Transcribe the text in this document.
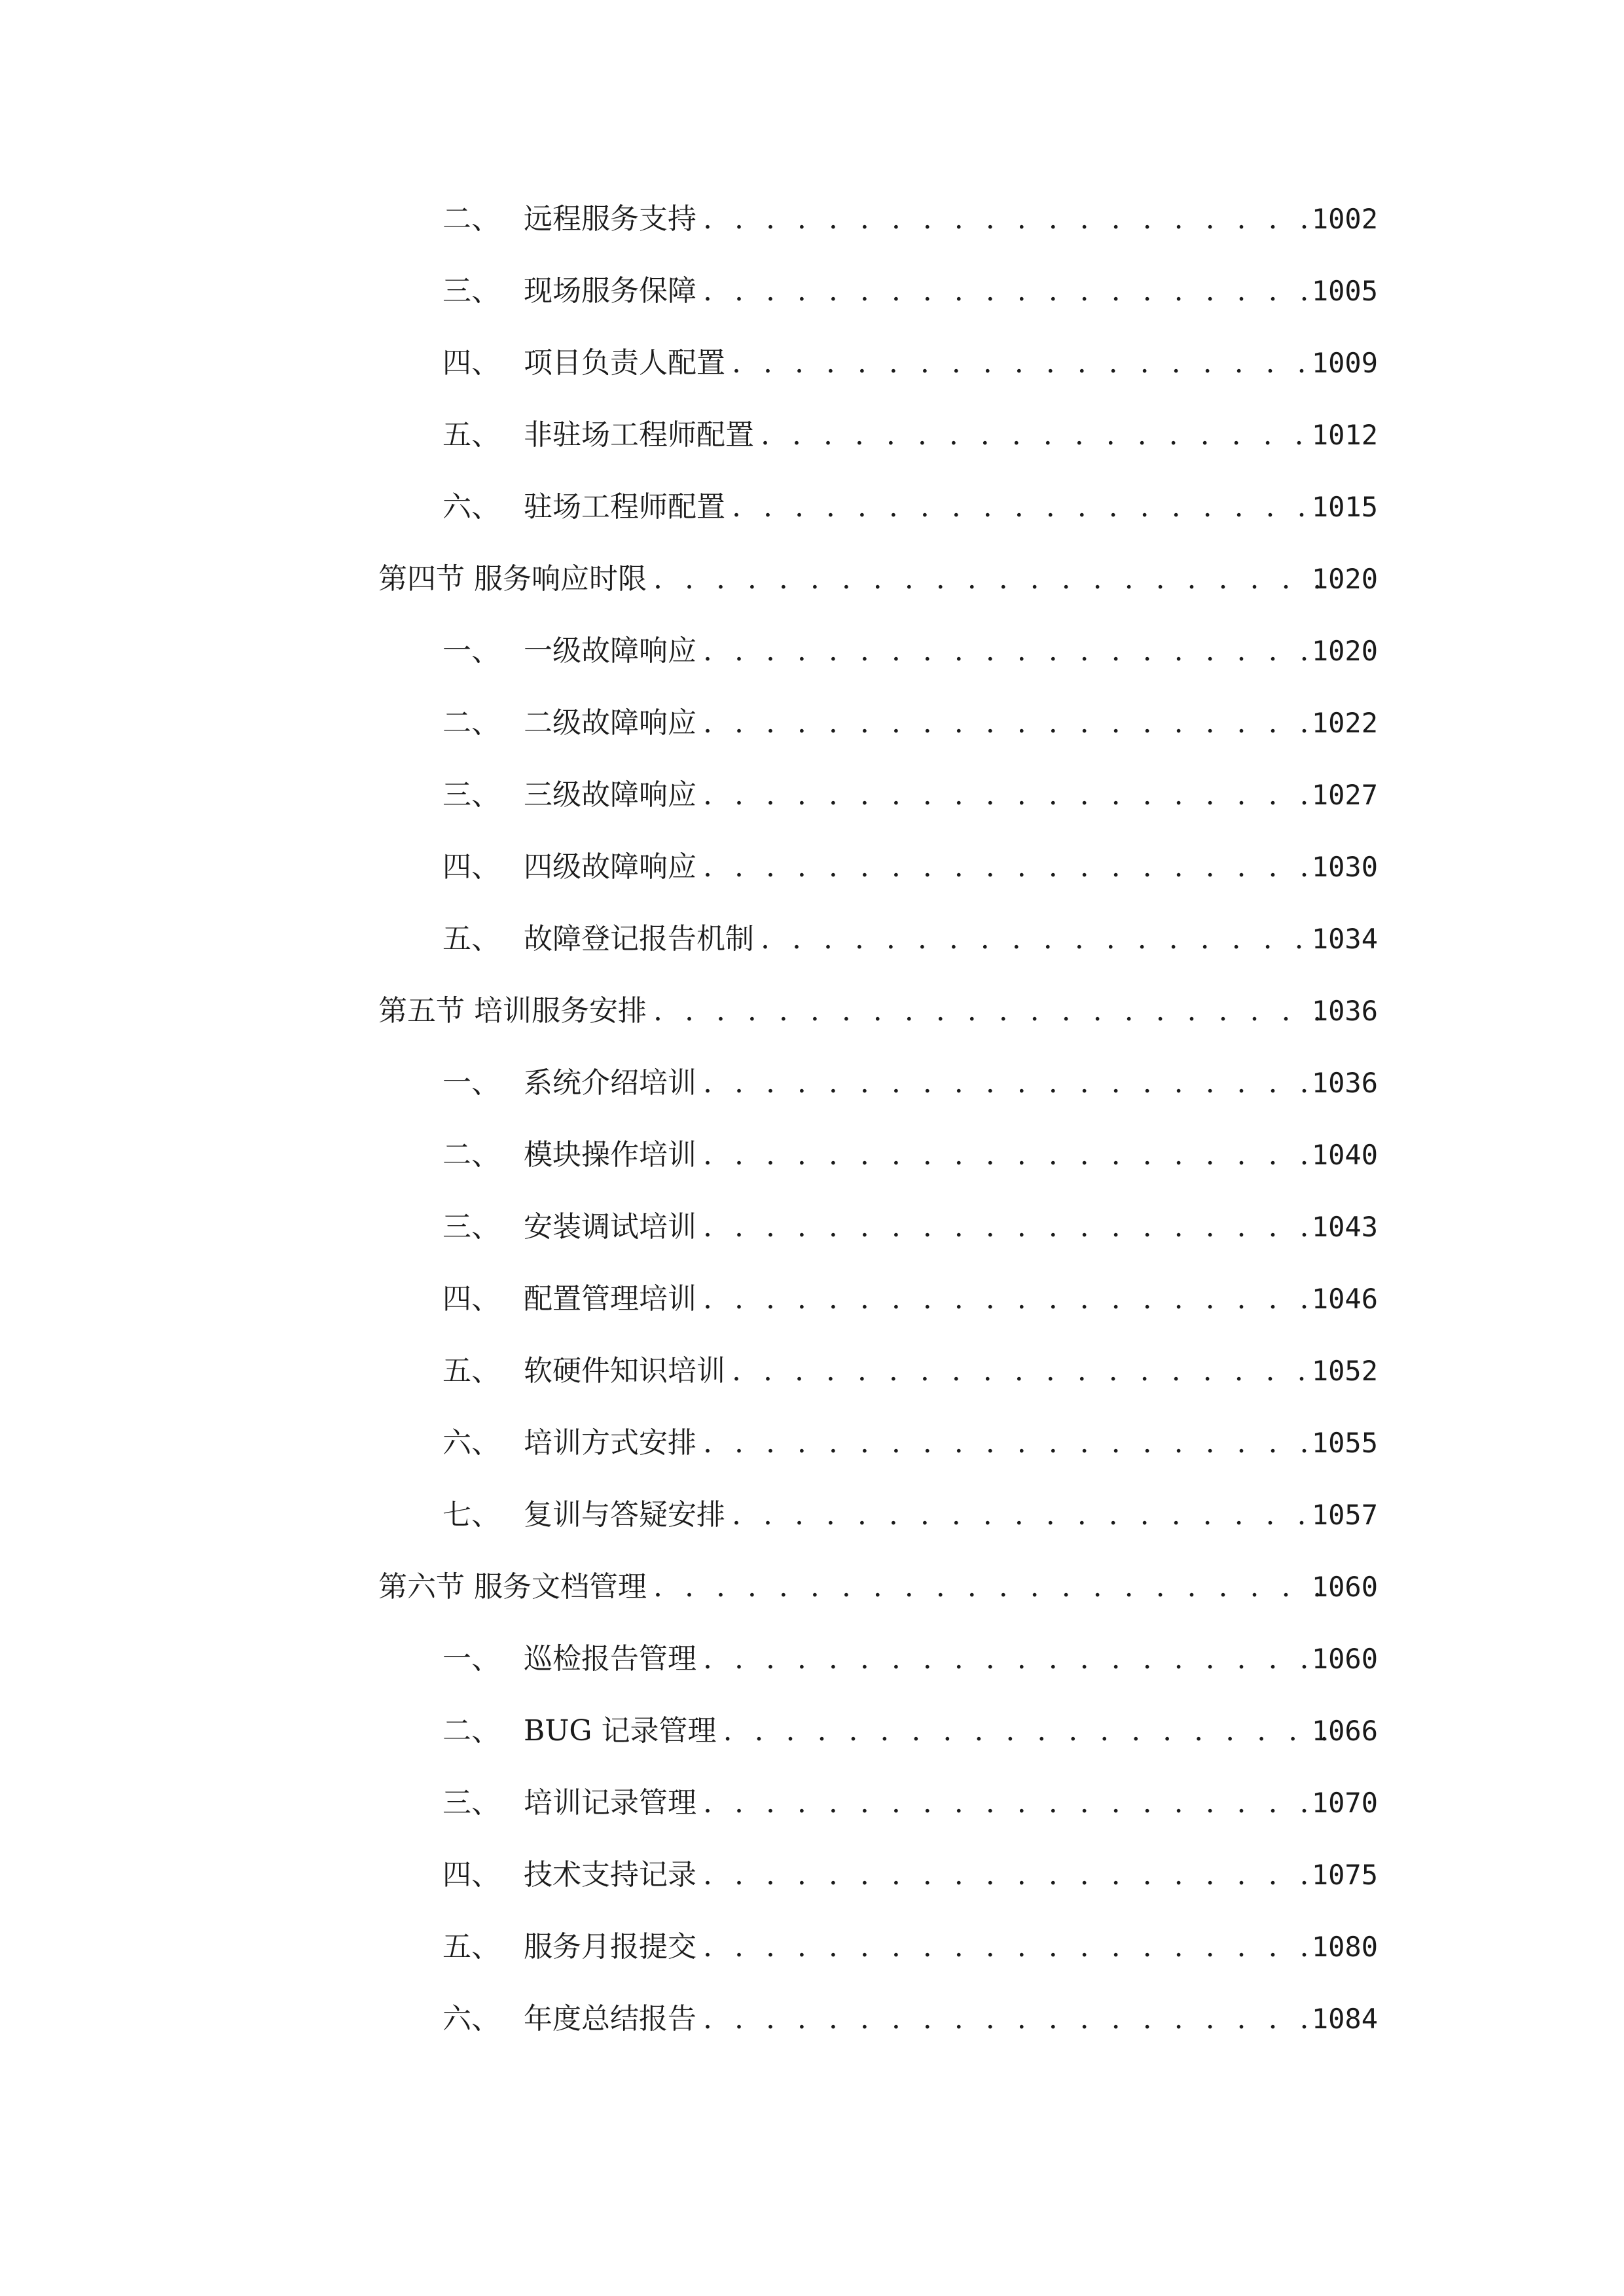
二、 远程服务支持 . . .	1002
三、 现场服务保障 . . .	1005
四、 项目负责人配置 . . .	1009
五、 非驻场工程师配置 . . .	1012
六、 驻场工程师配置 . . .	1015
第四节 服务响应时限 . . .	1020
一、 一级故障响应 . . .	1020
二、 二级故障响应 . . .	1022
三、 三级故障响应 . . .	1027
四、 四级故障响应 . . .	1030
五、 故障登记报告机制 . . .	1034
第五节 培训服务安排 . . .	1036
一、 系统介绍培训 . . .	1036
二、 模块操作培训 . . .	1040
三、 安装调试培训 . . .	1043
四、 配置管理培训 . . .	1046
五、 软硬件知识培训 . . .	1052
六、 培训方式安排 . . .	1055
七、 复训与答疑安排 . . .	1057
第六节 服务文档管理 . . .	1060
一、 巡检报告管理 . . .	1060
二、 BUG 记录管理 . . .	1066
三、 培训记录管理 . . .	1070
四、 技术支持记录 . . .	1075
五、 服务月报提交 . . .	1080
六、 年度总结报告 . . .	1084
